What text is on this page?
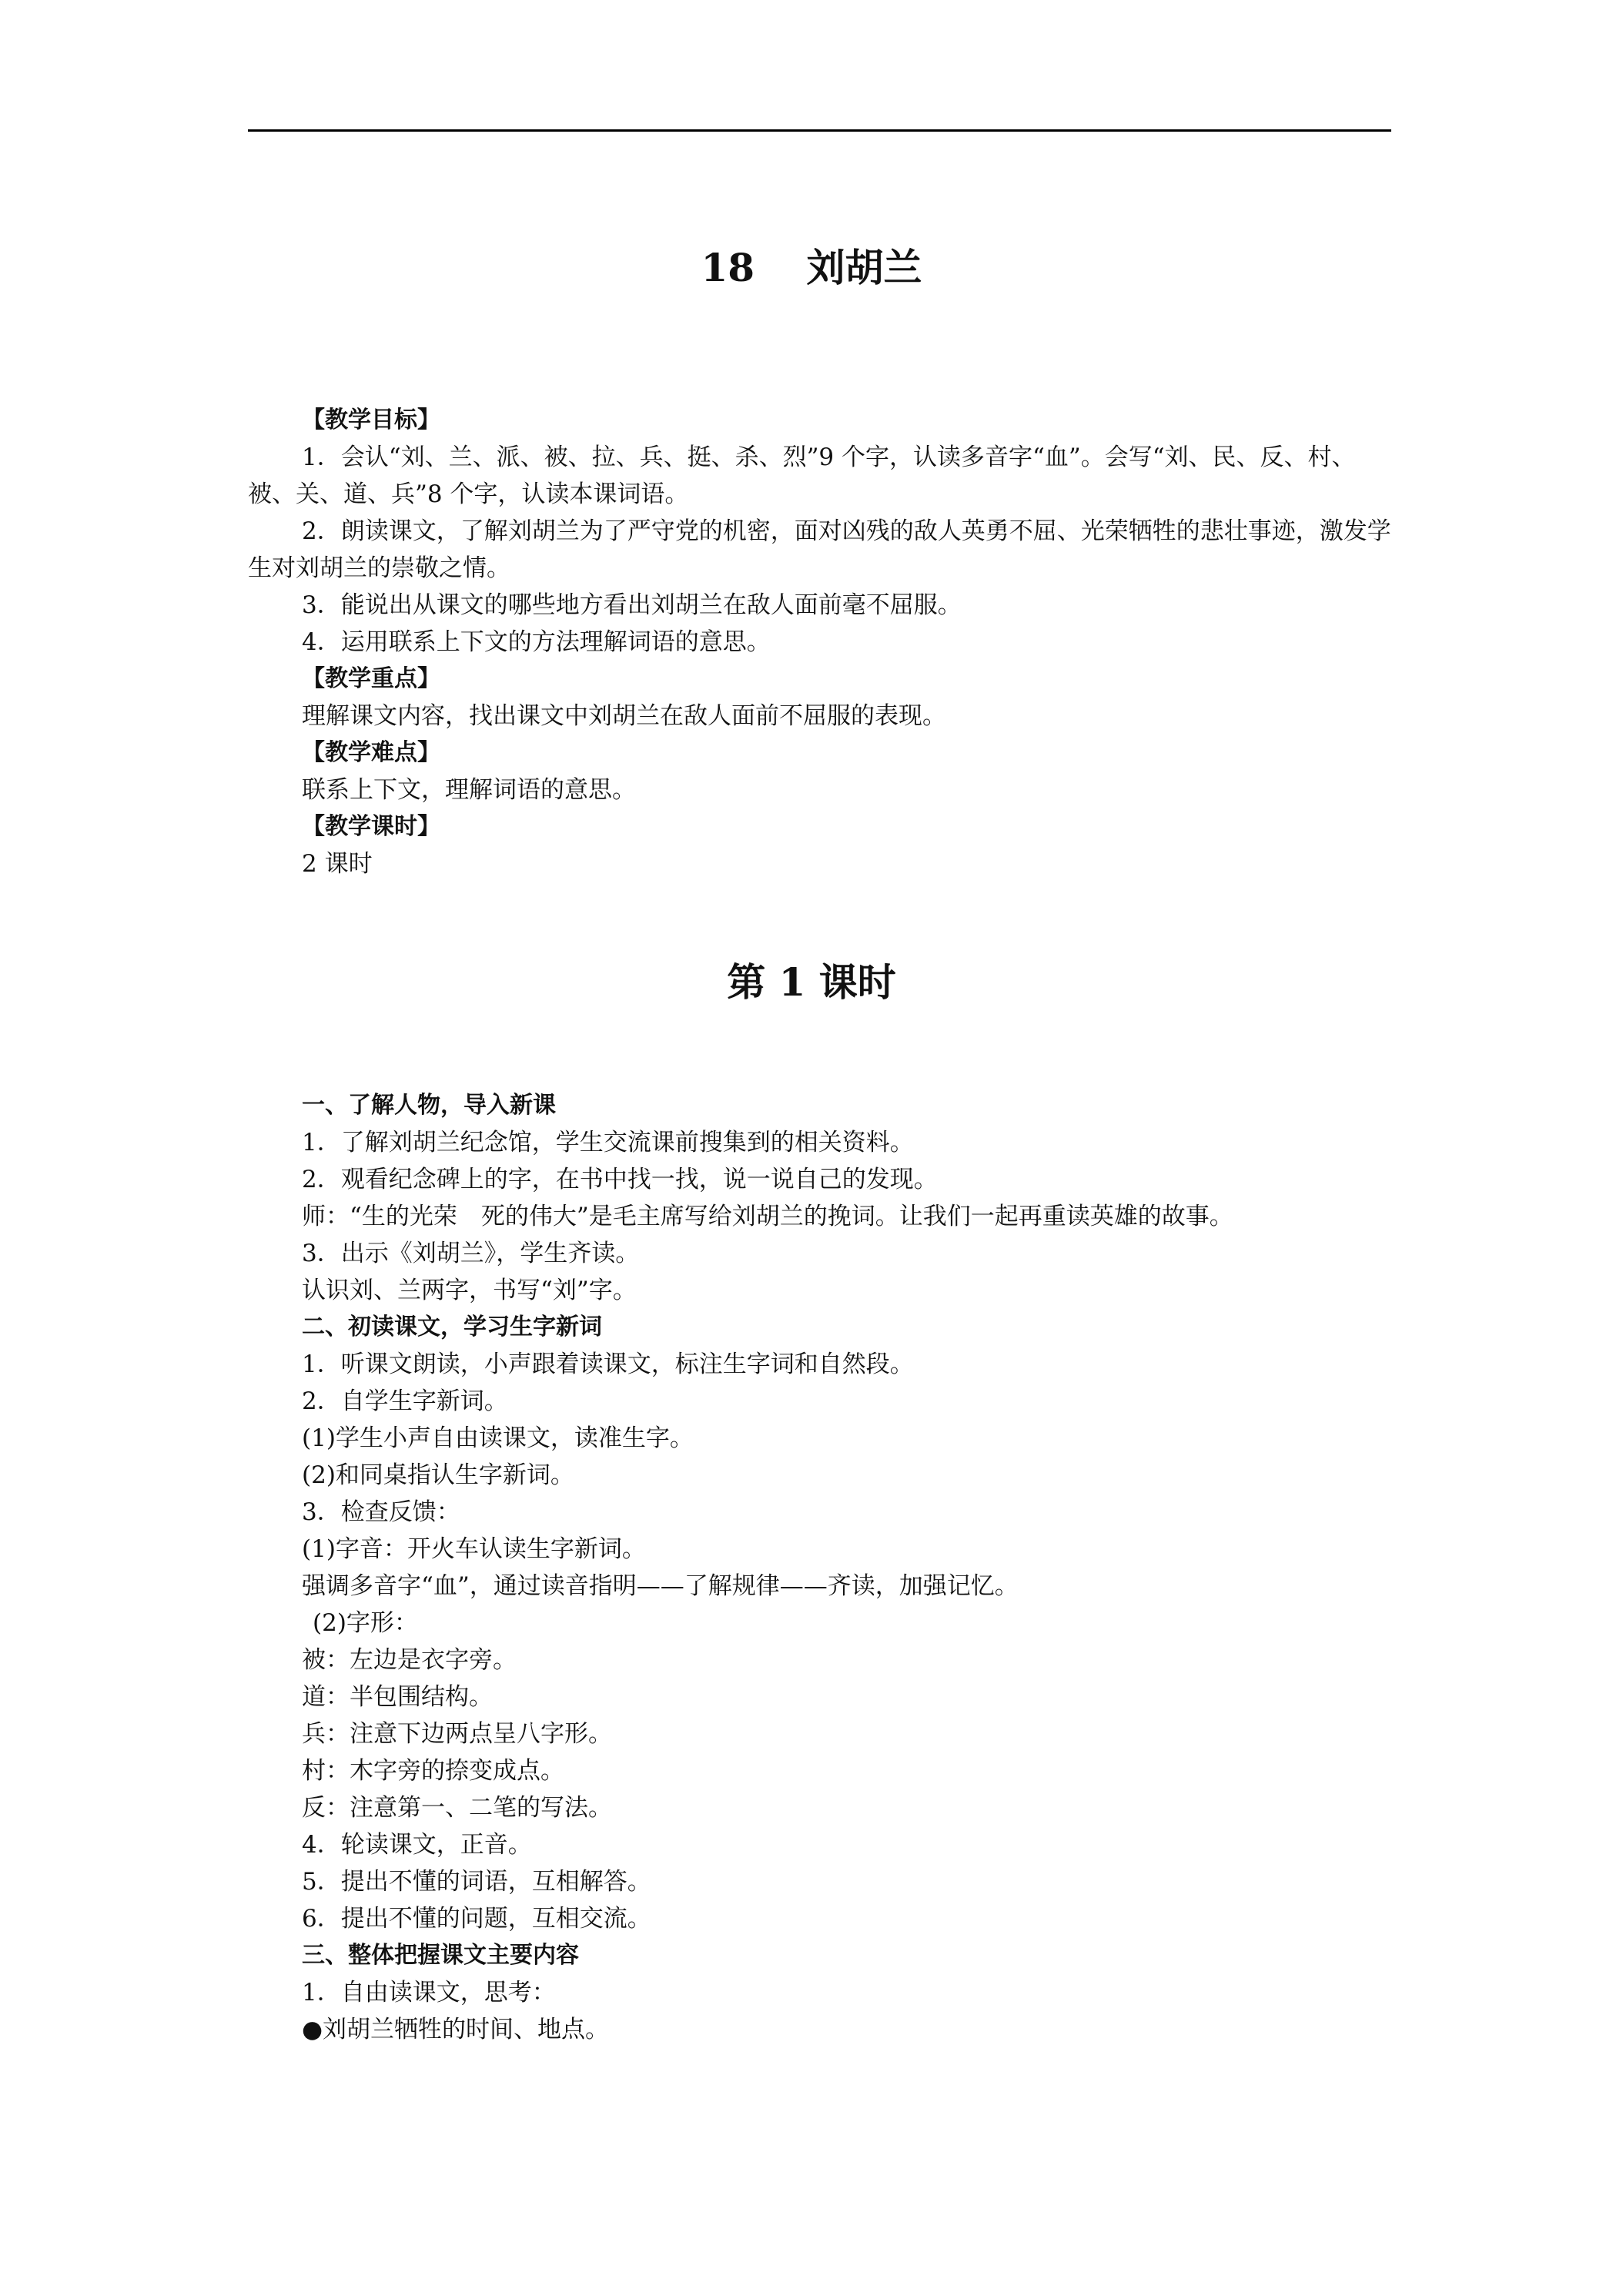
18　 刘胡兰
【教学目标】
1．会认“刘、兰、派、被、拉、兵、挺、杀、烈”9 个字，认读多音字“血”。会写“刘、民、反、村、被、关、道、兵”8 个字，认读本课词语。
2．朗读课文，了解刘胡兰为了严守党的机密，面对凶残的敌人英勇不屈、光荣牺牲的悲壮事迹，激发学生对刘胡兰的崇敬之情。
3．能说出从课文的哪些地方看出刘胡兰在敌人面前毫不屈服。
4．运用联系上下文的方法理解词语的意思。
【教学重点】
理解课文内容，找出课文中刘胡兰在敌人面前不屈服的表现。
【教学难点】
联系上下文，理解词语的意思。
【教学课时】
2 课时
第 1 课时
一、了解人物，导入新课
1．了解刘胡兰纪念馆，学生交流课前搜集到的相关资料。
2．观看纪念碑上的字，在书中找一找，说一说自己的发现。
师：“生的光荣　死的伟大”是毛主席写给刘胡兰的挽词。让我们一起再重读英雄的故事。
3．出示《刘胡兰》，学生齐读。
认识刘、兰两字，书写“刘”字。
二、初读课文，学习生字新词
1．听课文朗读，小声跟着读课文，标注生字词和自然段。
2．自学生字新词。
(1)学生小声自由读课文，读准生字。
(2)和同桌指认生字新词。
3．检查反馈：
(1)字音：开火车认读生字新词。
强调多音字“血”，通过读音指明——了解规律——齐读，加强记忆。
(2)字形：
被：左边是衣字旁。
道：半包围结构。
兵：注意下边两点呈八字形。
村：木字旁的捺变成点。
反：注意第一、二笔的写法。
4．轮读课文，正音。
5．提出不懂的词语，互相解答。
6．提出不懂的问题，互相交流。
三、整体把握课文主要内容
1．自由读课文，思考：
●刘胡兰牺牲的时间、地点。
